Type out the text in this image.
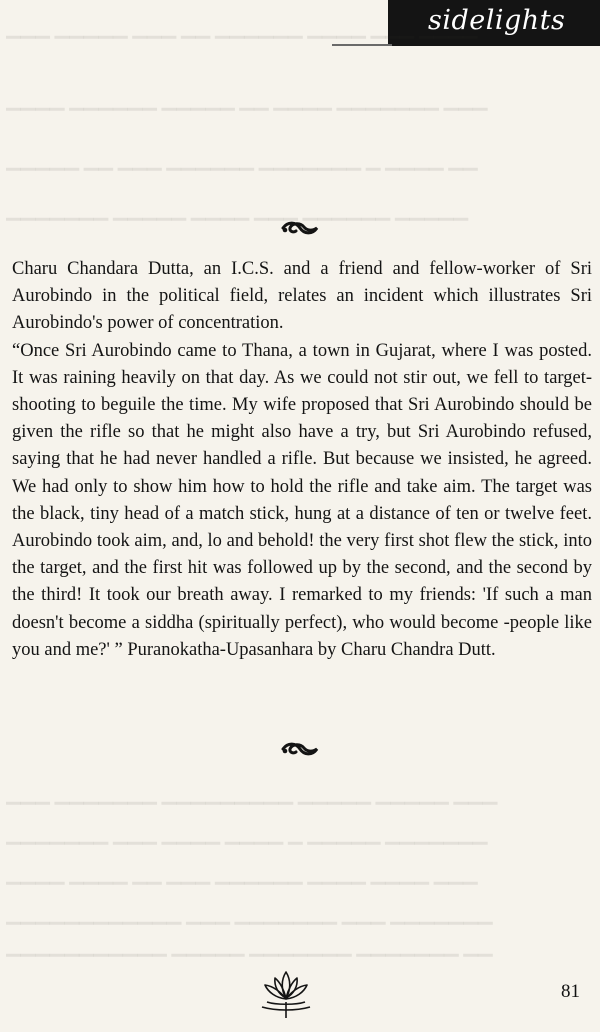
sidelights
▁▁▁ ▁▁▁▁▁ ▁▁▁ ▁▁ ▁▁▁▁▁▁ ▁▁▁▁ ▁▁▁ ▁▁▁▁
▁▁▁▁ ▁▁▁▁▁▁ ▁▁▁▁▁ ▁▁ ▁▁▁▁ ▁▁▁▁▁▁▁ ▁▁▁
▁▁▁▁▁ ▁▁ ▁▁▁ ▁▁▁▁▁▁ ▁▁▁▁▁▁▁ ▁ ▁▁▁▁ ▁▁
▁▁▁▁▁▁▁ ▁▁▁▁▁ ▁▁▁▁ ▁▁▁ ▁▁▁▁▁▁ ▁▁▁▁▁
▁▁▁ ▁▁▁▁▁▁▁ ▁▁▁▁▁▁▁▁▁ ▁▁▁▁▁ ▁▁▁▁▁ ▁▁▁
▁▁▁▁▁▁▁ ▁▁▁ ▁▁▁▁ ▁▁▁▁ ▁ ▁▁▁▁▁ ▁▁▁▁▁▁▁
▁▁▁▁ ▁▁▁▁ ▁▁ ▁▁▁ ▁▁▁▁▁▁ ▁▁▁▁ ▁▁▁▁ ▁▁▁
▁▁▁▁▁▁▁▁▁▁▁▁ ▁▁▁ ▁▁▁▁▁▁▁ ▁▁▁ ▁▁▁▁▁▁▁
▁▁▁▁▁▁▁▁▁▁▁ ▁▁▁▁▁ ▁▁▁▁▁▁▁ ▁▁▁▁▁▁▁ ▁▁

Charu Chandara Dutta, an I.C.S. and a friend and fellow-worker of Sri Aurobindo in the political field, relates an incident which illustrates Sri Aurobindo's power of concentration.

“Once Sri Aurobindo came to Thana, a town in Gujarat, where I was posted. It was raining heavily on that day. As we could not stir out, we fell to target- shooting to beguile the time. My wife proposed that Sri Aurobindo should be given the rifle so that he might also have a try, but Sri Aurobindo refused, saying that he had never handled a rifle. But because we insisted, he agreed. We had only to show him how to hold the rifle and take aim. The target was the black, tiny head of a match stick, hung at a distance of ten or twelve feet. Aurobindo took aim, and, lo and behold! the very first shot flew the stick, into the target, and the first hit was followed up by the second, and the second by the third! It took our breath away. I remarked to my friends: 'If such a man doesn't become a siddha (spiritually perfect), who would become -people like you and me?' ” Puranokatha-Upasanhara by Charu Chandra Dutt.

81
